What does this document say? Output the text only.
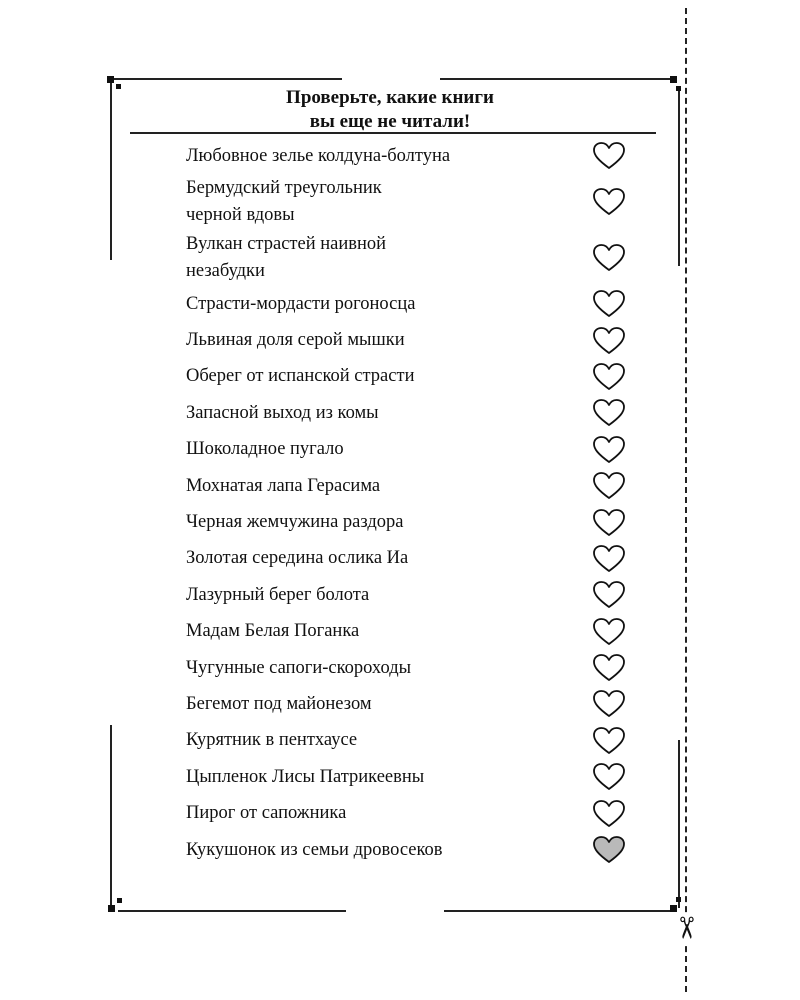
✂
Проверьте, какие книги
вы еще не читали!
Любовное зелье колдуна-болтуна
Бермудский треугольник
черной вдовы
Вулкан страстей наивной
незабудки
Страсти-мордасти рогоносца
Львиная доля серой мышки
Оберег от испанской страсти
Запасной выход из комы
Шоколадное пугало
Мохнатая лапа Герасима
Черная жемчужина раздора
Золотая середина ослика Иа
Лазурный берег болота
Мадам Белая Поганка
Чугунные сапоги-скороходы
Бегемот под майонезом
Курятник в пентхаусе
Цыпленок Лисы Патрикеевны
Пирог от сапожника
Кукушонок из семьи дровосеков
